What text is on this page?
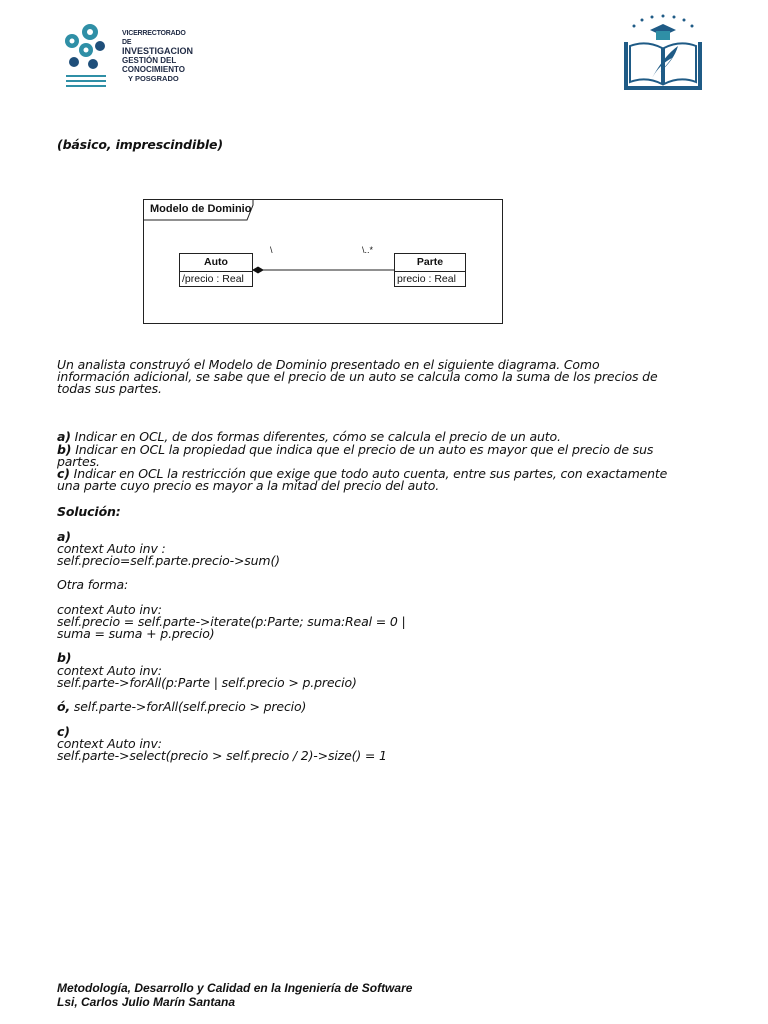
VICERRECTORADO DE
INVESTIGACION
GESTIÓN DEL
CONOCIMIENTO
Y POSGRADO
(básico, imprescindible)
Modelo de Dominio
Auto
/precio : Real
Parte
precio : Real
\	\..*
Un analista construyó el Modelo de Dominio presentado en el siguiente diagrama. Como
información adicional, se sabe que el precio de un auto se calcula como la suma de los precios de
todas sus partes.
a) Indicar en OCL, de dos formas diferentes, cómo se calcula el precio de un auto.
b) Indicar en OCL la propiedad que indica que el precio de un auto es mayor que el precio de sus
partes.
c) Indicar en OCL la restricción que exige que todo auto cuenta, entre sus partes, con exactamente
una parte cuyo precio es mayor a la mitad del precio del auto.
Solución:
a)
context Auto inv :
self.precio=self.parte.precio->sum()
Otra forma:
context Auto inv:
self.precio = self.parte->iterate(p:Parte; suma:Real = 0 |
suma = suma + p.precio)
b)
context Auto inv:
self.parte->forAll(p:Parte | self.precio > p.precio)
ó, self.parte->forAll(self.precio > precio)
c)
context Auto inv:
self.parte->select(precio > self.precio / 2)->size() = 1
Metodología, Desarrollo y Calidad en la Ingeniería de Software
Lsi, Carlos Julio Marín Santana
